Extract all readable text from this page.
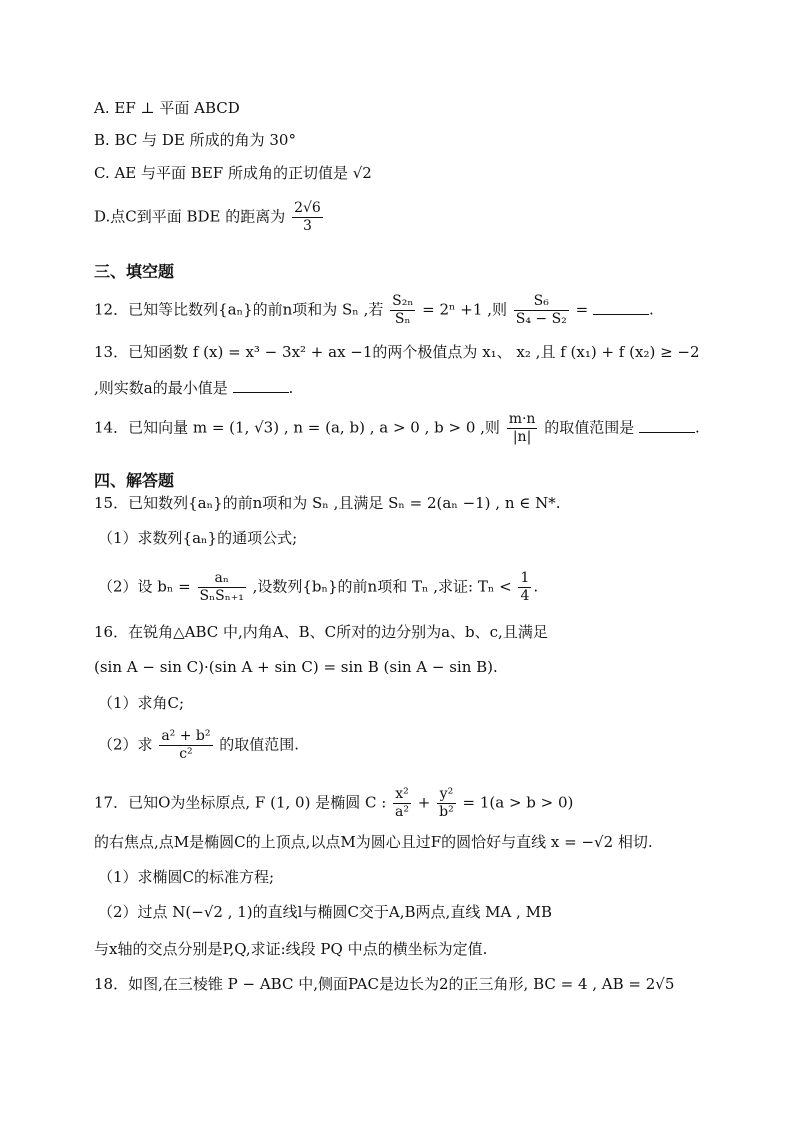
A. EF ⊥ 平面 ABCD
B. BC 与 DE 所成的角为 30°
C. AE 与平面 BEF 所成角的正切值是 √2
D.点C到平面 BDE 的距离为 $\frac{2√6}{3}$
三、填空题
12．已知等比数列{aₙ}的前n项和为 Sₙ ,若 $\frac{\text{S₂ₙ}}{\text{Sₙ}} = 2^n +1$ ,则 $\frac{\text{S₆}}{\text{S₄ − S₂}}$ =	.
13．已知函数 f (x) = x³ − 3x² + ax −1的两个极值点为 x₁、 x₂ ,且 f (x₁) + f (x₂) ≥ −2
,则实数a的最小值是	.
14．已知向量 m = (1, √3) , n = (a, b) , a > 0 , b > 0 ,则 $\frac{m\cdot n}{|n|}$ 的取值范围是	.
四、解答题
15．已知数列{aₙ}的前n项和为 Sₙ ,且满足 Sₙ = 2(aₙ −1) , n ∈ N*.
（1）求数列{aₙ}的通项公式;
（2）设 $b_n = \frac{\text{aₙ}}{\text{SₙSₙ₊₁}}$ ,设数列{bₙ}的前n项和 Tₙ ,求证: $T_n < \frac{1}{4}$ .
16．在锐角△ABC 中,内角A、B、C所对的边分别为a、b、c,且满足
(sin A − sin C)·(sin A + sin C) = sin B (sin A − sin B).
（1）求角C;
（2）求 $\frac{\text{a² + b²}}{\text{c²}}$ 的取值范围.
17．已知O为坐标原点, F (1, 0) 是椭圆 C : $\frac{\text{x²}}{\text{a²}} + \frac{\text{y²}}{\text{b²}} = 1(a > b > 0)$
的右焦点,点M是椭圆C的上顶点,以点M为圆心且过F的圆恰好与直线 x = −√2 相切.
（1）求椭圆C的标准方程;
（2）过点 N(−√2 , 1)的直线l与椭圆C交于A,B两点,直线 MA , MB
与x轴的交点分别是P,Q,求证:线段 PQ 中点的横坐标为定值.
18．如图,在三棱锥 P − ABC 中,侧面PAC是边长为2的正三角形, BC = 4 , AB = 2√5
